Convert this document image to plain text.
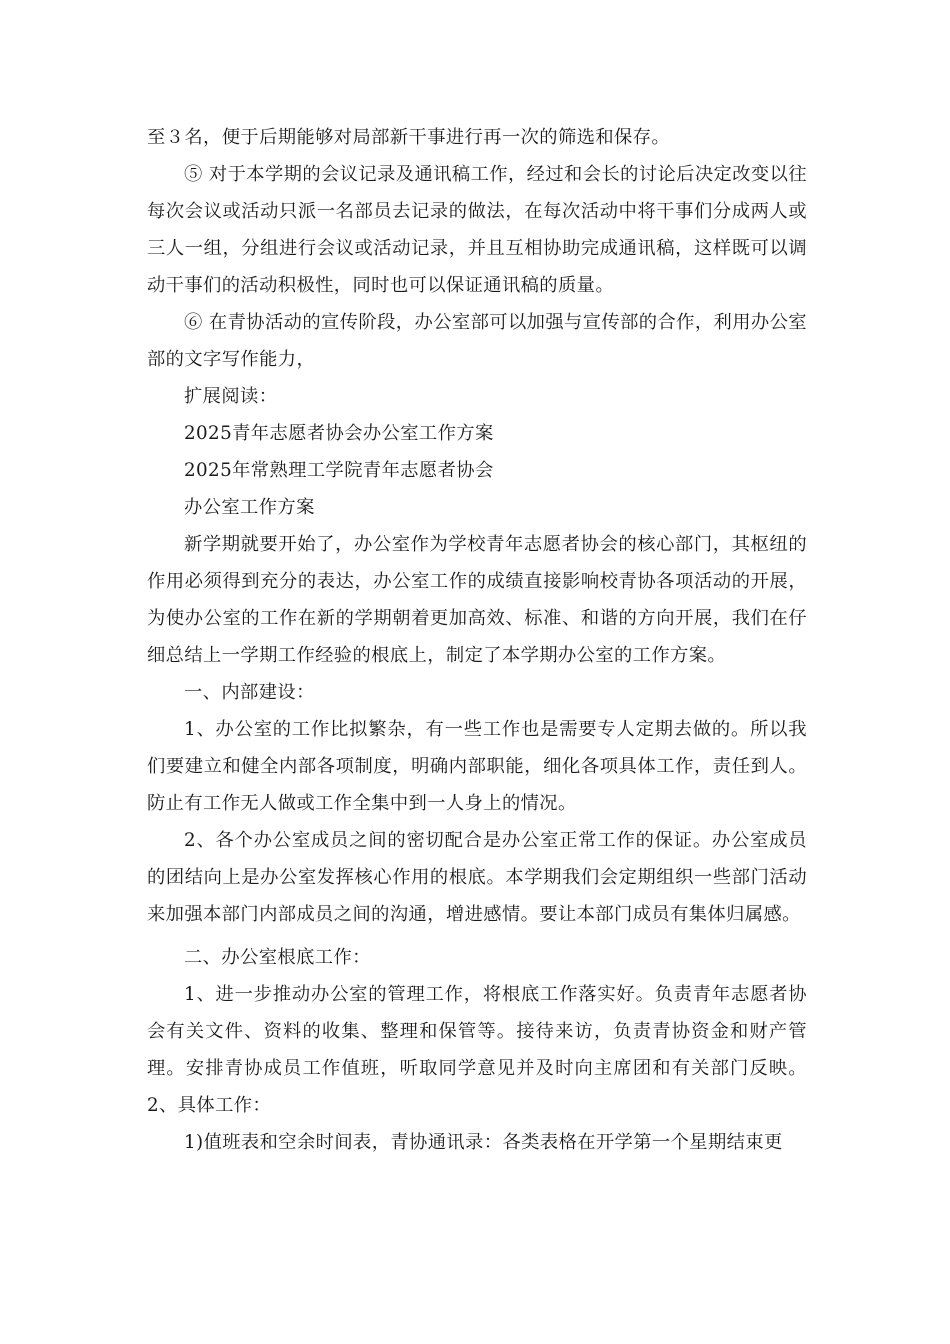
至３名，便于后期能够对局部新干事进行再一次的筛选和保存。

⑤ 对于本学期的会议记录及通讯稿工作，经过和会长的讨论后决定改变以往每次会议或活动只派一名部员去记录的做法，在每次活动中将干事们分成两人或三人一组，分组进行会议或活动记录，并且互相协助完成通讯稿，这样既可以调动干事们的活动积极性，同时也可以保证通讯稿的质量。

⑥ 在青协活动的宣传阶段，办公室部可以加强与宣传部的合作，利用办公室部的文字写作能力，

扩展阅读：

2025青年志愿者协会办公室工作方案

2025年常熟理工学院青年志愿者协会

办公室工作方案

新学期就要开始了，办公室作为学校青年志愿者协会的核心部门，其枢纽的作用必须得到充分的表达，办公室工作的成绩直接影响校青协各项活动的开展，为使办公室的工作在新的学期朝着更加高效、标准、和谐的方向开展，我们在仔细总结上一学期工作经验的根底上，制定了本学期办公室的工作方案。

一、内部建设：

1、办公室的工作比拟繁杂，有一些工作也是需要专人定期去做的。所以我们要建立和健全内部各项制度，明确内部职能，细化各项具体工作，责任到人。防止有工作无人做或工作全集中到一人身上的情况。

2、各个办公室成员之间的密切配合是办公室正常工作的保证。办公室成员的团结向上是办公室发挥核心作用的根底。本学期我们会定期组织一些部门活动来加强本部门内部成员之间的沟通，增进感情。要让本部门成员有集体归属感。

二、办公室根底工作：

1、进一步推动办公室的管理工作，将根底工作落实好。负责青年志愿者协会有关文件、资料的收集、整理和保管等。接待来访，负责青协资金和财产管理。安排青协成员工作值班，听取同学意见并及时向主席团和有关部门反映。2、具体工作：

1)值班表和空余时间表，青协通讯录：各类表格在开学第一个星期结束更
